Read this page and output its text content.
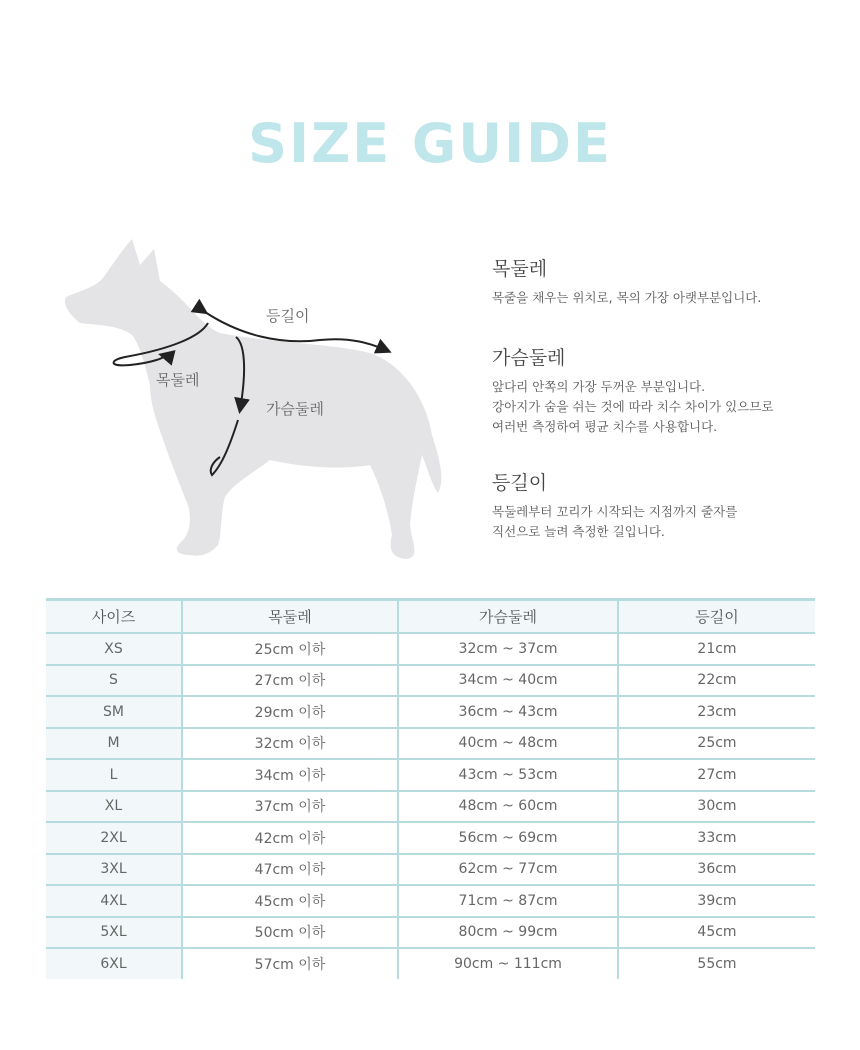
SIZE GUIDE
등길이
목둘레
가슴둘레
목둘레

목줄을 채우는 위치로, 목의 가장 아랫부분입니다.

가슴둘레

앞다리 안쪽의 가장 두꺼운 부분입니다.

강아지가 숨을 쉬는 것에 따라 치수 차이가 있으므로

여러번 측정하여 평균 치수를 사용합니다.

등길이

목둘레부터 꼬리가 시작되는 지점까지 줄자를

직선으로 늘려 측정한 길입니다.

사이즈	목둘레	가슴둘레	등길이
XS	25cm 이하	32cm ~ 37cm	21cm
S	27cm 이하	34cm ~ 40cm	22cm
SM	29cm 이하	36cm ~ 43cm	23cm
M	32cm 이하	40cm ~ 48cm	25cm
L	34cm 이하	43cm ~ 53cm	27cm
XL	37cm 이하	48cm ~ 60cm	30cm
2XL	42cm 이하	56cm ~ 69cm	33cm
3XL	47cm 이하	62cm ~ 77cm	36cm
4XL	45cm 이하	71cm ~ 87cm	39cm
5XL	50cm 이하	80cm ~ 99cm	45cm
6XL	57cm 이하	90cm ~ 111cm	55cm
